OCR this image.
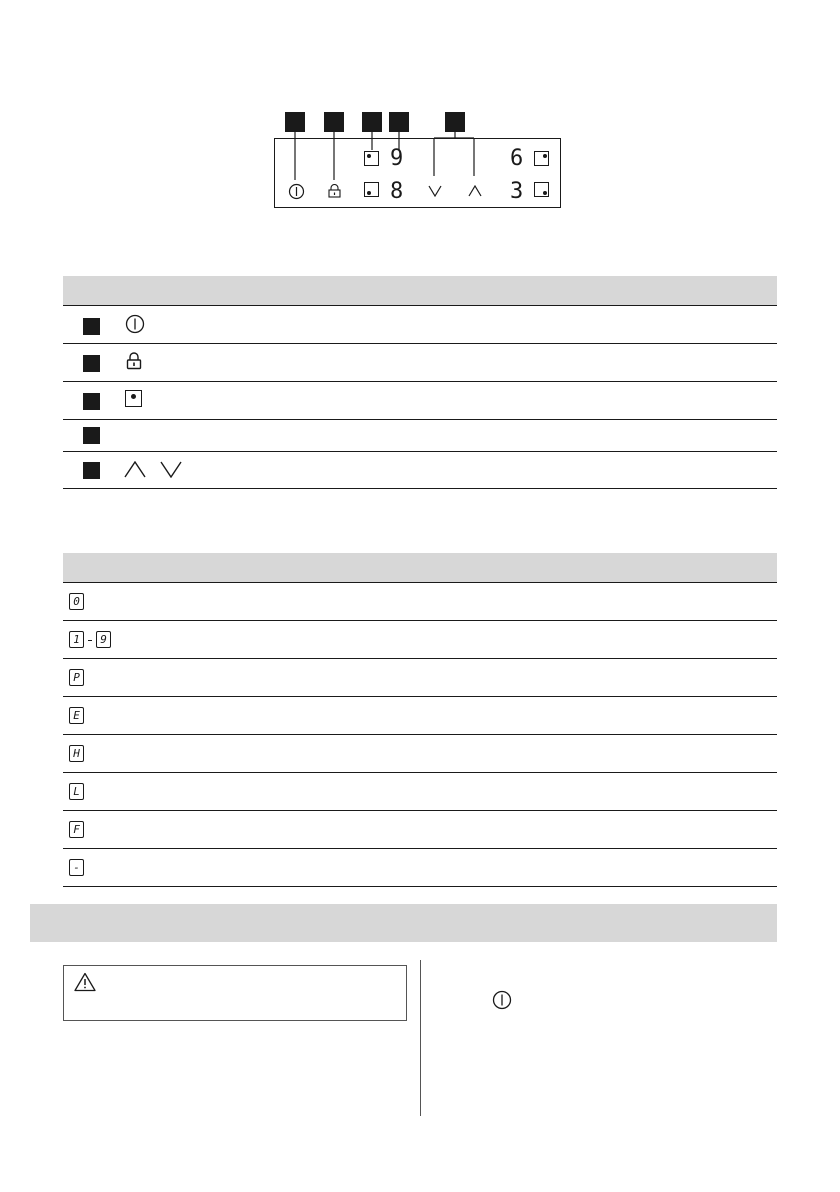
9
8
6
3
0
1	9
P
E
H
L
F
-
